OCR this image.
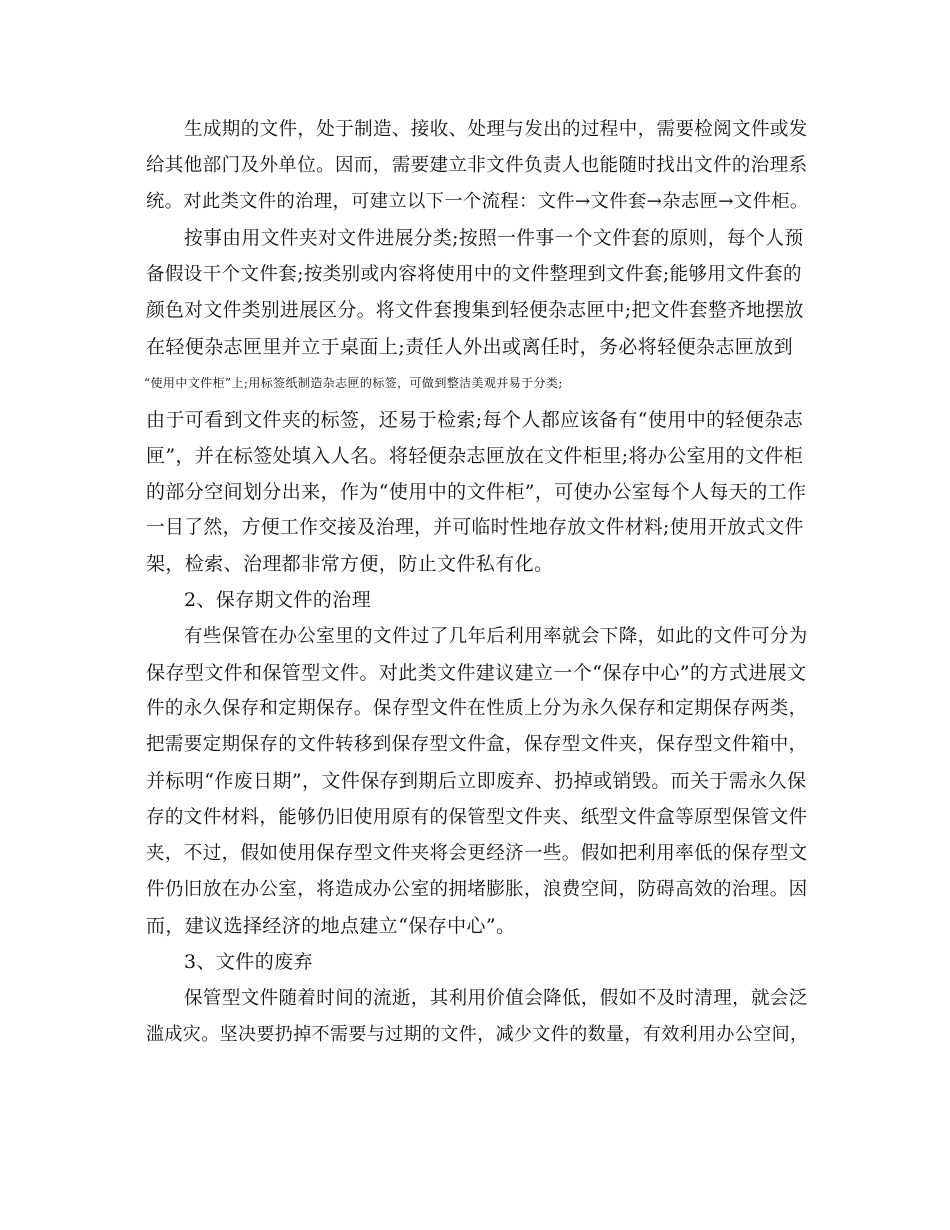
生成期的文件，处于制造、接收、处理与发出的过程中，需要检阅文件或发
给其他部门及外单位。因而，需要建立非文件负责人也能随时找出文件的治理系
统。对此类文件的治理，可建立以下一个流程：文件→文件套→杂志匣→文件柜。
按事由用文件夹对文件进展分类;按照一件事一个文件套的原则，每个人预
备假设干个文件套;按类别或内容将使用中的文件整理到文件套;能够用文件套的
颜色对文件类别进展区分。将文件套搜集到轻便杂志匣中;把文件套整齐地摆放
在轻便杂志匣里并立于桌面上;责任人外出或离任时，务必将轻便杂志匣放到
“使用中文件柜”上;用标签纸制造杂志匣的标签，可做到整洁美观并易于分类;
由于可看到文件夹的标签，还易于检索;每个人都应该备有“使用中的轻便杂志
匣”，并在标签处填入人名。将轻便杂志匣放在文件柜里;将办公室用的文件柜
的部分空间划分出来，作为“使用中的文件柜”，可使办公室每个人每天的工作
一目了然，方便工作交接及治理，并可临时性地存放文件材料;使用开放式文件
架，检索、治理都非常方便，防止文件私有化。
2、保存期文件的治理
有些保管在办公室里的文件过了几年后利用率就会下降，如此的文件可分为
保存型文件和保管型文件。对此类文件建议建立一个“保存中心”的方式进展文
件的永久保存和定期保存。保存型文件在性质上分为永久保存和定期保存两类，
把需要定期保存的文件转移到保存型文件盒，保存型文件夹，保存型文件箱中，
并标明“作废日期”，文件保存到期后立即废弃、扔掉或销毁。而关于需永久保
存的文件材料，能够仍旧使用原有的保管型文件夹、纸型文件盒等原型保管文件
夹，不过，假如使用保存型文件夹将会更经济一些。假如把利用率低的保存型文
件仍旧放在办公室，将造成办公室的拥堵膨胀，浪费空间，防碍高效的治理。因
而，建议选择经济的地点建立“保存中心”。
3、文件的废弃
保管型文件随着时间的流逝，其利用价值会降低，假如不及时清理，就会泛
滥成灾。坚决要扔掉不需要与过期的文件，减少文件的数量，有效利用办公空间，
